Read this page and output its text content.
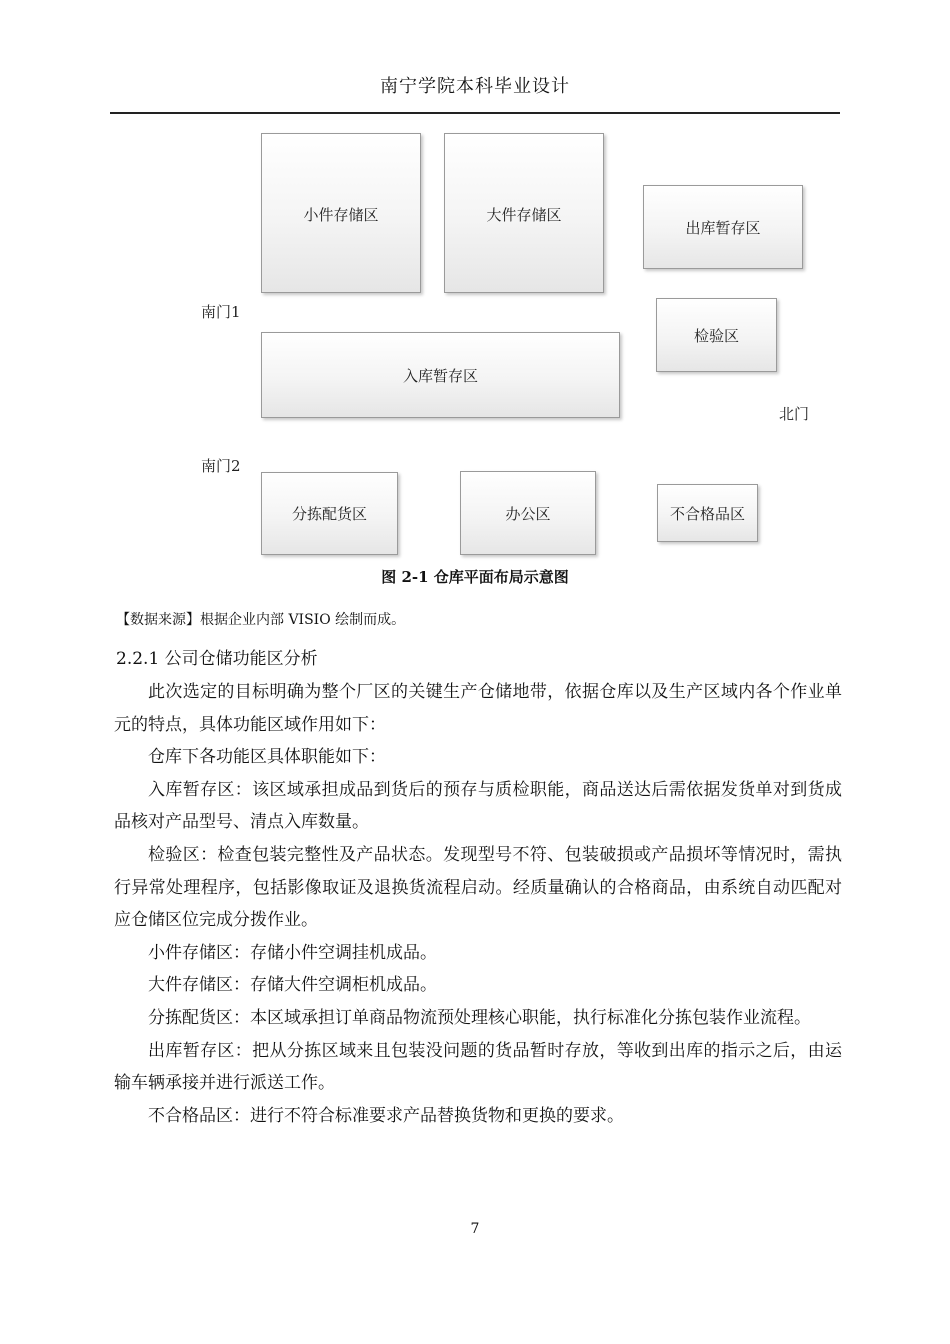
南宁学院本科毕业设计
小件存储区	大件存储区
出库暂存区
检验区
入库暂存区
分拣配货区	办公区	不合格品区
南门1
南门2
北门
图 2-1 仓库平面布局示意图
【数据来源】根据企业内部 VISIO 绘制而成。
2.2.1 公司仓储功能区分析

此次选定的目标明确为整个厂区的关键生产仓储地带，依据仓库以及生产区域内各个作业单元的特点，具体功能区域作用如下：

仓库下各功能区具体职能如下：

入库暂存区：该区域承担成品到货后的预存与质检职能，商品送达后需依据发货单对到货成品核对产品型号、清点入库数量。

检验区：检查包装完整性及产品状态。发现型号不符、包装破损或产品损坏等情况时，需执行异常处理程序，包括影像取证及退换货流程启动。经质量确认的合格商品，由系统自动匹配对应仓储区位完成分拨作业。

小件存储区：存储小件空调挂机成品。

大件存储区：存储大件空调柜机成品。

分拣配货区：本区域承担订单商品物流预处理核心职能，执行标准化分拣包装作业流程。

出库暂存区：把从分拣区域来且包装没问题的货品暂时存放，等收到出库的指示之后，由运输车辆承接并进行派送工作。

不合格品区：进行不符合标准要求产品替换货物和更换的要求。

7
